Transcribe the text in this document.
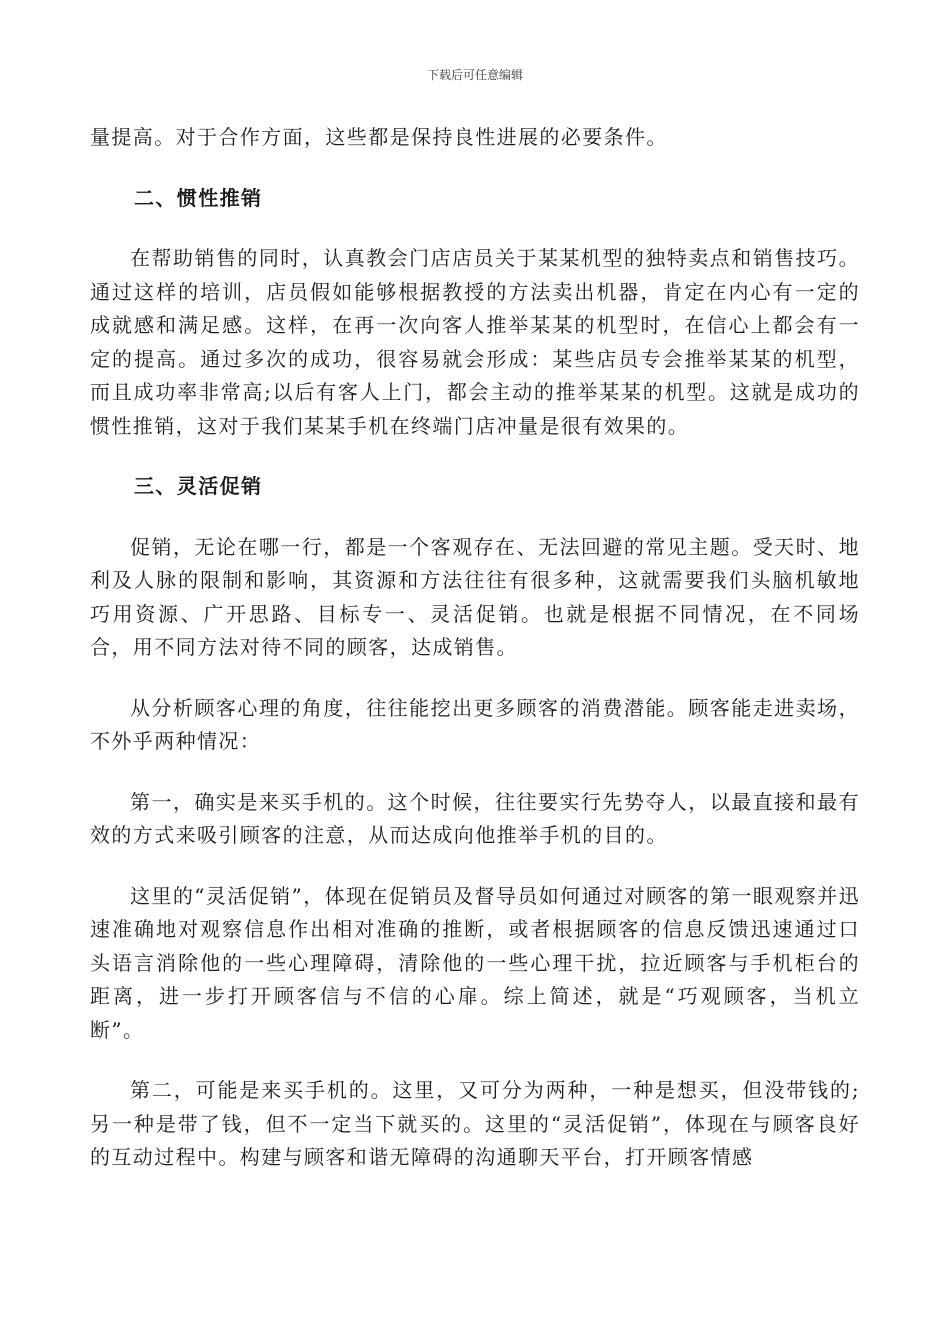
下载后可任意编辑

量提高。对于合作方面，这些都是保持良性进展的必要条件。

二、惯性推销

在帮助销售的同时，认真教会门店店员关于某某机型的独特卖点和销售技巧。通过这样的培训，店员假如能够根据教授的方法卖出机器，肯定在内心有一定的成就感和满足感。这样，在再一次向客人推举某某的机型时，在信心上都会有一定的提高。通过多次的成功，很容易就会形成：某些店员专会推举某某的机型，而且成功率非常高;以后有客人上门，都会主动的推举某某的机型。这就是成功的惯性推销，这对于我们某某手机在终端门店冲量是很有效果的。

三、灵活促销

促销，无论在哪一行，都是一个客观存在、无法回避的常见主题。受天时、地利及人脉的限制和影响，其资源和方法往往有很多种，这就需要我们头脑机敏地巧用资源、广开思路、目标专一、灵活促销。也就是根据不同情况，在不同场合，用不同方法对待不同的顾客，达成销售。

从分析顾客心理的角度，往往能挖出更多顾客的消费潜能。顾客能走进卖场，不外乎两种情况：

第一，确实是来买手机的。这个时候，往往要实行先势夺人，以最直接和最有效的方式来吸引顾客的注意，从而达成向他推举手机的目的。

这里的“灵活促销”，体现在促销员及督导员如何通过对顾客的第一眼观察并迅速准确地对观察信息作出相对准确的推断，或者根据顾客的信息反馈迅速通过口头语言消除他的一些心理障碍，清除他的一些心理干扰，拉近顾客与手机柜台的距离，进一步打开顾客信与不信的心扉。综上简述，就是“巧观顾客，当机立断”。

第二，可能是来买手机的。这里，又可分为两种，一种是想买，但没带钱的;另一种是带了钱，但不一定当下就买的。这里的“灵活促销”，体现在与顾客良好的互动过程中。构建与顾客和谐无障碍的沟通聊天平台，打开顾客情感
